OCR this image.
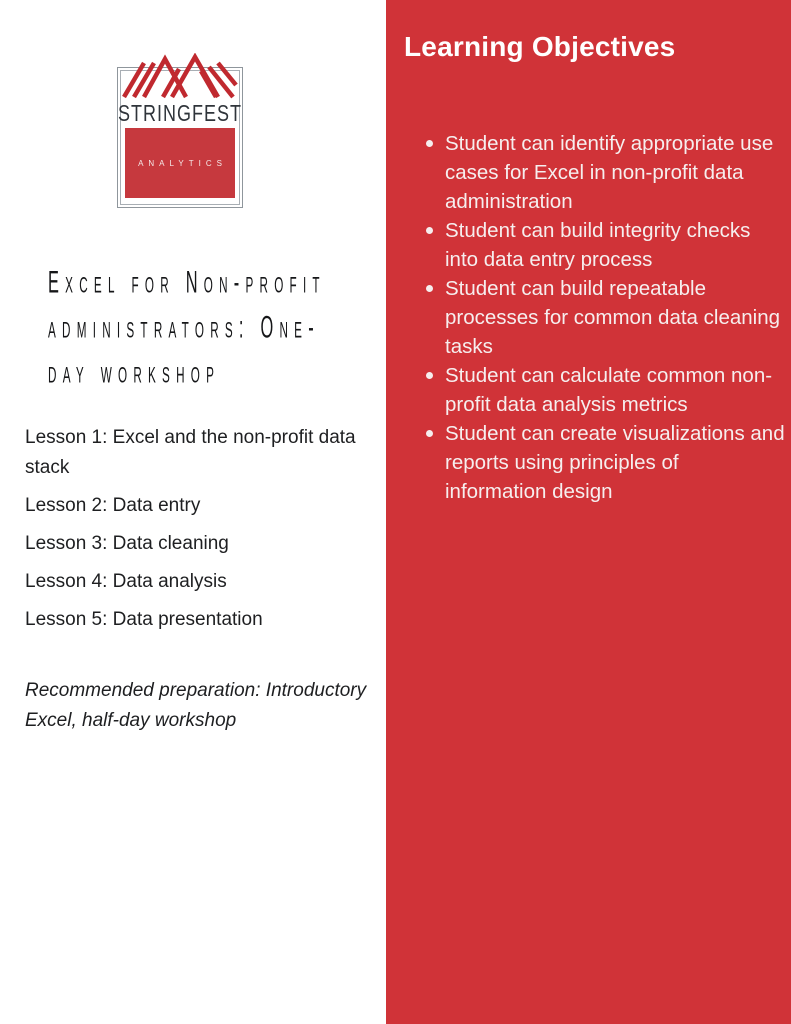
STRINGFEST
ANALYTICS
Excel for Non-profit
administrators: One-
day workshop

Lesson 1: Excel and the non-profit data stack

Lesson 2: Data entry

Lesson 3: Data cleaning

Lesson 4: Data analysis

Lesson 5: Data presentation

Recommended preparation: Introductory Excel, half-day workshop

Learning Objectives
Student can identify appropriate use cases for Excel in non-profit data administration
Student can build integrity checks into data entry process
Student can build repeatable processes for common data cleaning tasks
Student can calculate common non-profit data analysis metrics
Student can create visualizations and reports using principles of information design
